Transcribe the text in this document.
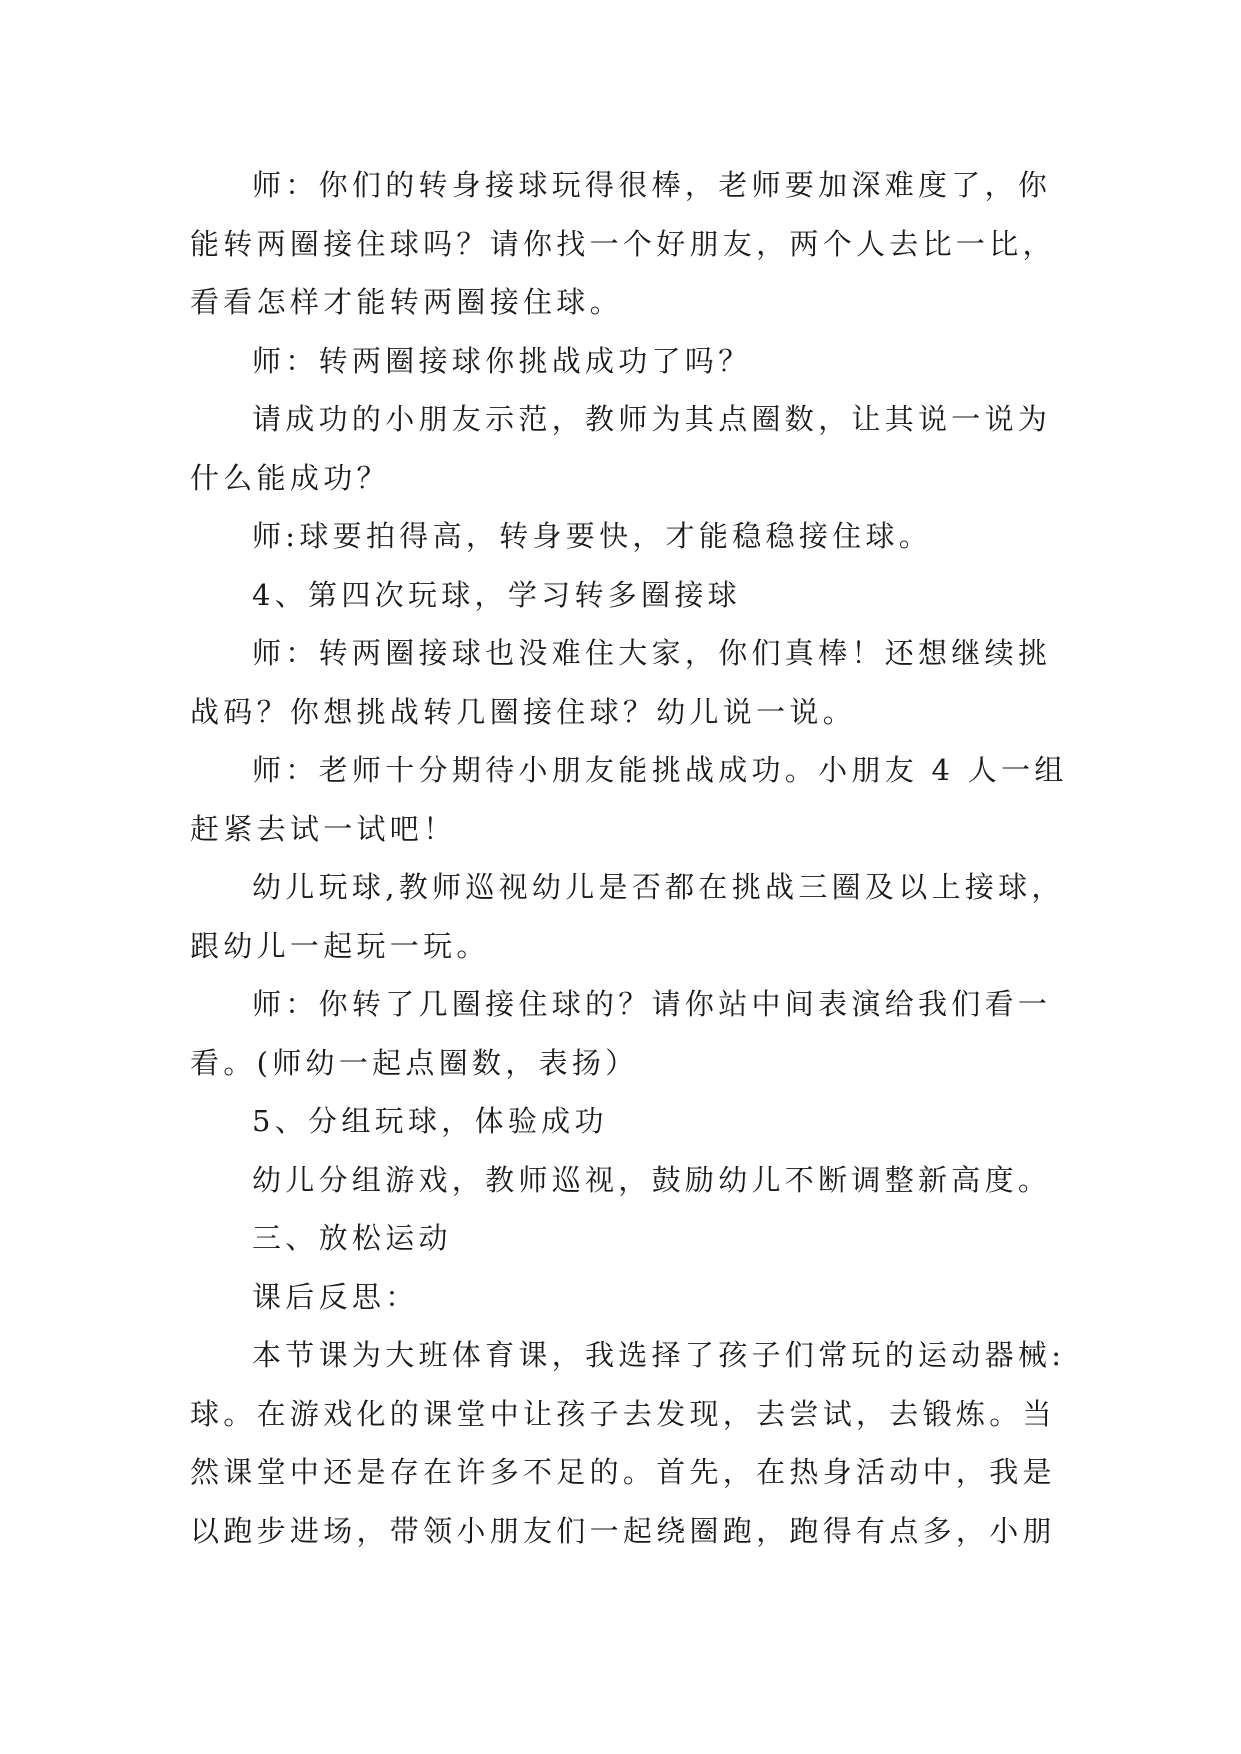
师：你们的转身接球玩得很棒，老师要加深难度了，你
能转两圈接住球吗？请你找一个好朋友，两个人去比一比，
看看怎样才能转两圈接住球。
师：转两圈接球你挑战成功了吗？
请成功的小朋友示范，教师为其点圈数，让其说一说为
什么能成功？
师:球要拍得高，转身要快，才能稳稳接住球。
4、第四次玩球，学习转多圈接球
师：转两圈接球也没难住大家，你们真棒！还想继续挑
战码？你想挑战转几圈接住球？幼儿说一说。
师：老师十分期待小朋友能挑战成功。小朋友 4 人一组
赶紧去试一试吧！
幼儿玩球,教师巡视幼儿是否都在挑战三圈及以上接球，
跟幼儿一起玩一玩。
师：你转了几圈接住球的？请你站中间表演给我们看一
看。(师幼一起点圈数，表扬）
5、分组玩球，体验成功
幼儿分组游戏，教师巡视，鼓励幼儿不断调整新高度。
三、放松运动
课后反思：
本节课为大班体育课，我选择了孩子们常玩的运动器械:
球。在游戏化的课堂中让孩子去发现，去尝试，去锻炼。当
然课堂中还是存在许多不足的。首先，在热身活动中，我是
以跑步进场，带领小朋友们一起绕圈跑，跑得有点多，小朋
